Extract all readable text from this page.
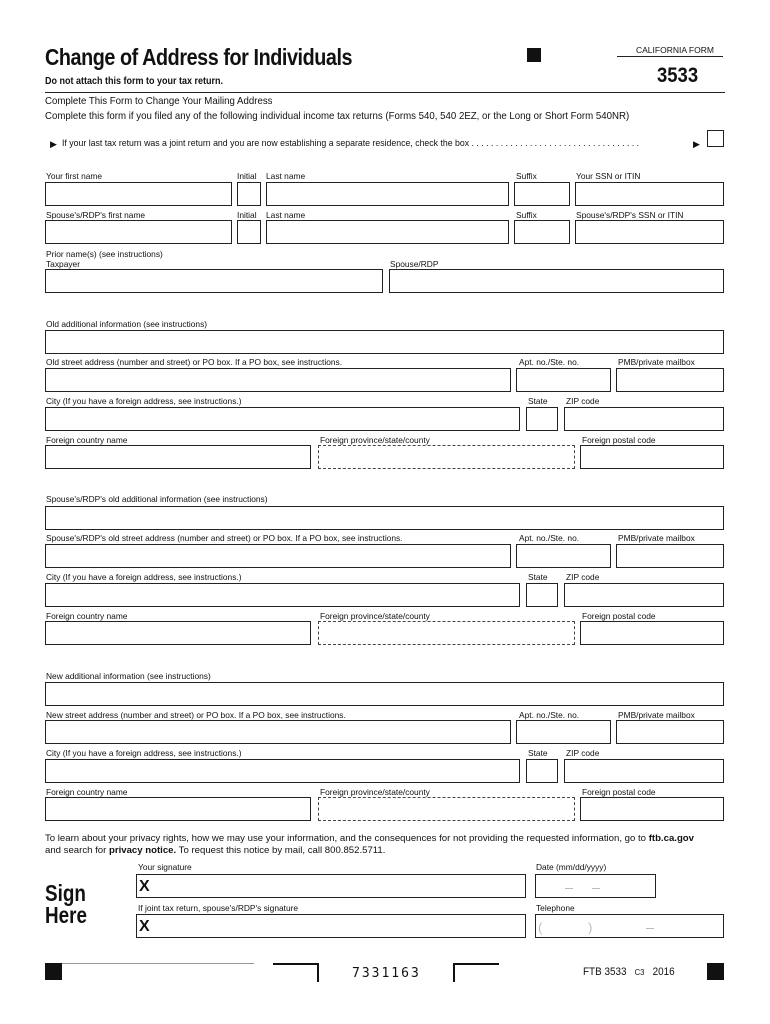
Change of Address for Individuals
Do not attach this form to your tax return.
CALIFORNIA FORM
3533
Complete This Form to Change Your Mailing Address
Complete this form if you filed any of the following individual income tax returns (Forms 540, 540 2EZ, or the Long or Short Form 540NR)
▶ If your last tax return was a joint return and you are now establishing a separate residence, check the box . . . . . . . . . . . . . . . . . . . . . . . . . . . . . . . . . . .	▶
Your first name	Initial Last name	Suffix	Your SSN or ITIN
Spouse's/RDP's first name	Initial Last name	Suffix	Spouse's/RDP's SSN or ITIN
Prior name(s) (see instructions)
Taxpayer	Spouse/RDP
Old additional information (see instructions)
Old street address (number and street) or PO box. If a PO box, see instructions.	Apt. no./Ste. no.	PMB/private mailbox
City (If you have a foreign address, see instructions.)	State ZIP code
Foreign country name	Foreign province/state/county	Foreign postal code
Spouse's/RDP's old additional information (see instructions)
Spouse's/RDP's old street address (number and street) or PO box. If a PO box, see instructions.	Apt. no./Ste. no.	PMB/private mailbox
City (If you have a foreign address, see instructions.)	State ZIP code
Foreign country name	Foreign province/state/county	Foreign postal code
New additional information (see instructions)
New street address (number and street) or PO box. If a PO box, see instructions.	Apt. no./Ste. no.	PMB/private mailbox
City (If you have a foreign address, see instructions.)	State ZIP code
Foreign country name	Foreign province/state/county	Foreign postal code
To learn about your privacy rights, how we may use your information, and the consequences for not providing the requested information, go to ftb.ca.gov
and search for privacy notice. To request this notice by mail, call 800.852.5711.
Sign
Here
Your signature	Date (mm/dd/yyyy)
X
If joint tax return, spouse's/RDP's signature	Telephone
X	(	)
7331163	FTB 3533 C3 2016
